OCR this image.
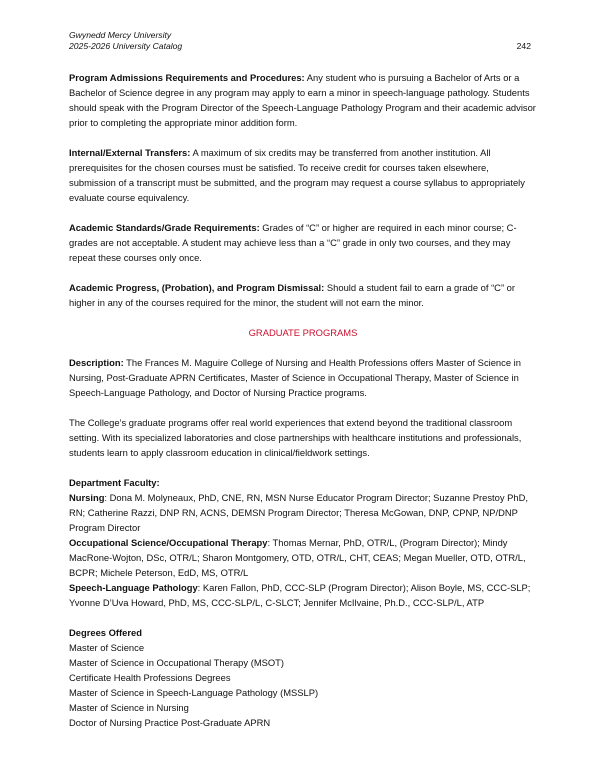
Gwynedd Mercy University
2025-2026 University Catalog	242

Program Admissions Requirements and Procedures: Any student who is pursuing a Bachelor of Arts or a Bachelor of Science degree in any program may apply to earn a minor in speech-language pathology. Students should speak with the Program Director of the Speech-Language Pathology Program and their academic advisor prior to completing the appropriate minor addition form.

Internal/External Transfers: A maximum of six credits may be transferred from another institution. All prerequisites for the chosen courses must be satisfied. To receive credit for courses taken elsewhere, submission of a transcript must be submitted, and the program may request a course syllabus to appropriately evaluate course equivalency.

Academic Standards/Grade Requirements: Grades of “C” or higher are required in each minor course; C- grades are not acceptable. A student may achieve less than a “C” grade in only two courses, and they may repeat these courses only once.

Academic Progress, (Probation), and Program Dismissal: Should a student fail to earn a grade of “C” or higher in any of the courses required for the minor, the student will not earn the minor.

GRADUATE PROGRAMS

Description: The Frances M. Maguire College of Nursing and Health Professions offers Master of Science in Nursing, Post-Graduate APRN Certificates, Master of Science in Occupational Therapy, Master of Science in Speech-Language Pathology, and Doctor of Nursing Practice programs.

The College’s graduate programs offer real world experiences that extend beyond the traditional classroom setting. With its specialized laboratories and close partnerships with healthcare institutions and professionals, students learn to apply classroom education in clinical/fieldwork settings.

Department Faculty:
Nursing: Dona M. Molyneaux, PhD, CNE, RN, MSN Nurse Educator Program Director; Suzanne Prestoy PhD, RN; Catherine Razzi, DNP RN, ACNS, DEMSN Program Director; Theresa McGowan, DNP, CPNP, NP/DNP Program Director
Occupational Science/Occupational Therapy: Thomas Mernar, PhD, OTR/L, (Program Director); Mindy MacRone-Wojton, DSc, OTR/L; Sharon Montgomery, OTD, OTR/L, CHT, CEAS; Megan Mueller, OTD, OTR/L, BCPR; Michele Peterson, EdD, MS, OTR/L
Speech-Language Pathology: Karen Fallon, PhD, CCC-SLP (Program Director); Alison Boyle, MS, CCC-SLP; Yvonne D’Uva Howard, PhD, MS, CCC-SLP/L, C-SLCT; Jennifer McIlvaine, Ph.D., CCC-SLP/L, ATP
Degrees Offered
Master of Science
Master of Science in Occupational Therapy (MSOT)
Certificate Health Professions Degrees
Master of Science in Speech-Language Pathology (MSSLP)
Master of Science in Nursing
Doctor of Nursing Practice Post-Graduate APRN
